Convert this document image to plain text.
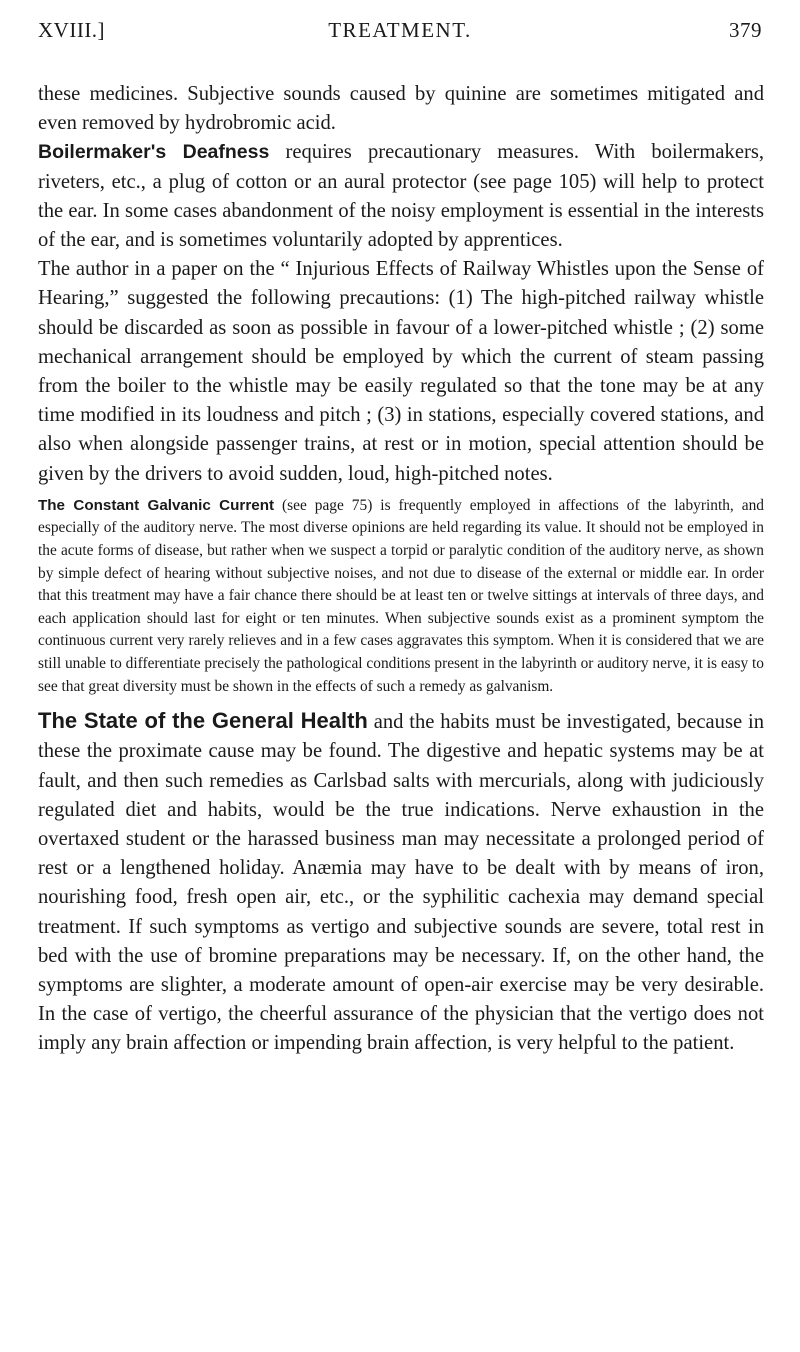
XVIII.]	TREATMENT.	379

these medicines. Subjective sounds caused by quinine are sometimes mitigated and even removed by hydrobromic acid.

Boilermaker's Deafness requires precautionary measures. With boilermakers, riveters, etc., a plug of cotton or an aural protector (see page 105) will help to protect the ear. In some cases abandonment of the noisy employment is essential in the interests of the ear, and is sometimes voluntarily adopted by apprentices.

The author in a paper on the “ Injurious Effects of Railway Whistles upon the Sense of Hearing,” suggested the following precautions: (1) The high-pitched railway whistle should be discarded as soon as possible in favour of a lower-pitched whistle ; (2) some mechanical arrangement should be employed by which the current of steam passing from the boiler to the whistle may be easily regulated so that the tone may be at any time modified in its loudness and pitch ; (3) in stations, especially covered stations, and also when alongside passenger trains, at rest or in motion, special attention should be given by the drivers to avoid sudden, loud, high-pitched notes.

The Constant Galvanic Current (see page 75) is frequently employed in affections of the labyrinth, and especially of the auditory nerve. The most diverse opinions are held regarding its value. It should not be employed in the acute forms of disease, but rather when we suspect a torpid or paralytic condition of the auditory nerve, as shown by simple defect of hearing without subjective noises, and not due to disease of the external or middle ear. In order that this treatment may have a fair chance there should be at least ten or twelve sittings at intervals of three days, and each application should last for eight or ten minutes. When subjective sounds exist as a prominent symptom the continuous current very rarely relieves and in a few cases aggravates this symptom. When it is considered that we are still unable to differentiate precisely the pathological conditions present in the labyrinth or auditory nerve, it is easy to see that great diversity must be shown in the effects of such a remedy as galvanism.

The State of the General Health and the habits must be investigated, because in these the proximate cause may be found. The digestive and hepatic systems may be at fault, and then such remedies as Carlsbad salts with mercurials, along with judiciously regulated diet and habits, would be the true indications. Nerve exhaustion in the overtaxed student or the harassed business man may necessitate a prolonged period of rest or a lengthened holiday. Anæmia may have to be dealt with by means of iron, nourishing food, fresh open air, etc., or the syphilitic cachexia may demand special treatment. If such symptoms as vertigo and subjective sounds are severe, total rest in bed with the use of bromine preparations may be necessary. If, on the other hand, the symptoms are slighter, a moderate amount of open-air exercise may be very desirable. In the case of vertigo, the cheerful assurance of the physician that the vertigo does not imply any brain affection or impending brain affection, is very helpful to the patient.
